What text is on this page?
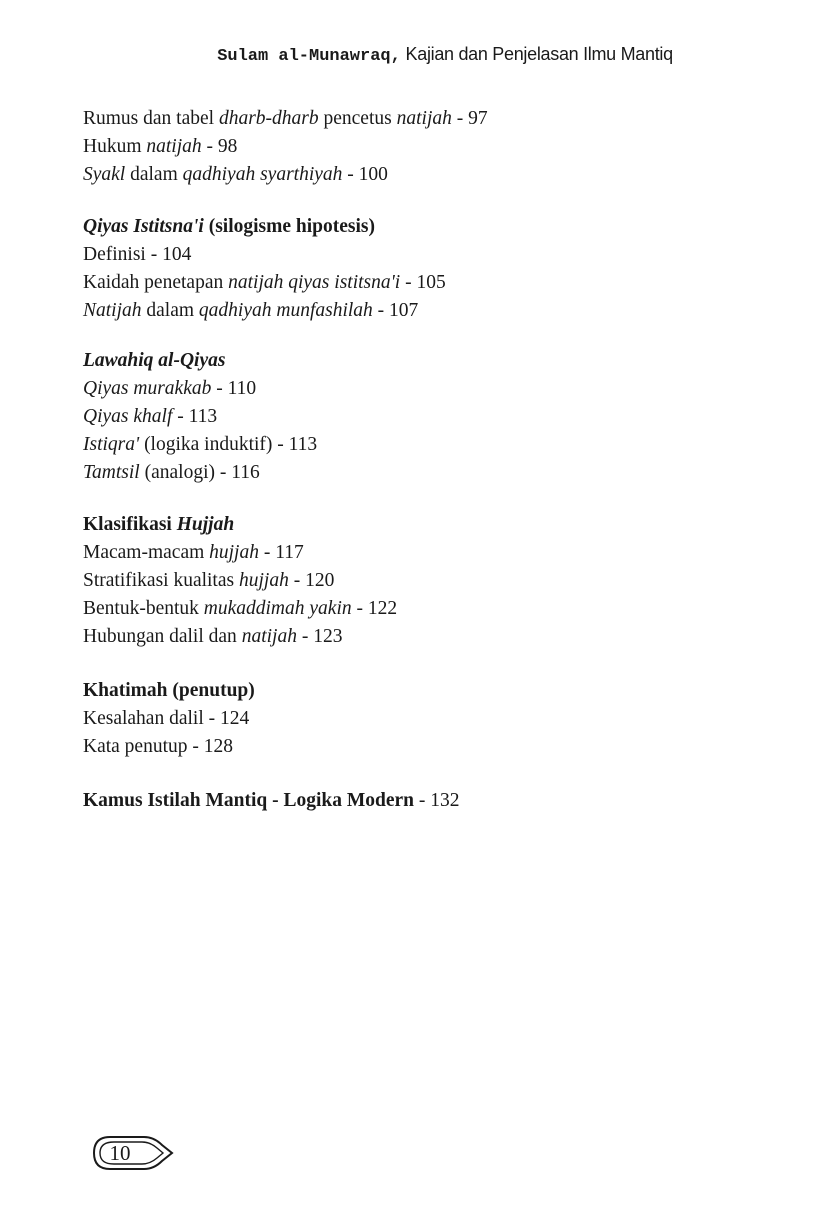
Sulam al-Munawraq, Kajian dan Penjelasan Ilmu Mantiq
Rumus dan tabel dharb-dharb pencetus natijah - 97
Hukum natijah - 98
Syakl dalam qadhiyah syarthiyah - 100
Qiyas Istitsna'i (silogisme hipotesis)
Definisi - 104
Kaidah penetapan natijah qiyas istitsna'i - 105
Natijah dalam qadhiyah munfashilah - 107
Lawahiq al-Qiyas
Qiyas murakkab - 110
Qiyas khalf - 113
Istiqra' (logika induktif) - 113
Tamtsil (analogi) - 116
Klasifikasi Hujjah
Macam-macam hujjah - 117
Stratifikasi kualitas hujjah - 120
Bentuk-bentuk mukaddimah yakin - 122
Hubungan dalil dan natijah - 123
Khatimah (penutup)
Kesalahan dalil - 124
Kata penutup - 128
Kamus Istilah Mantiq - Logika Modern - 132
10
